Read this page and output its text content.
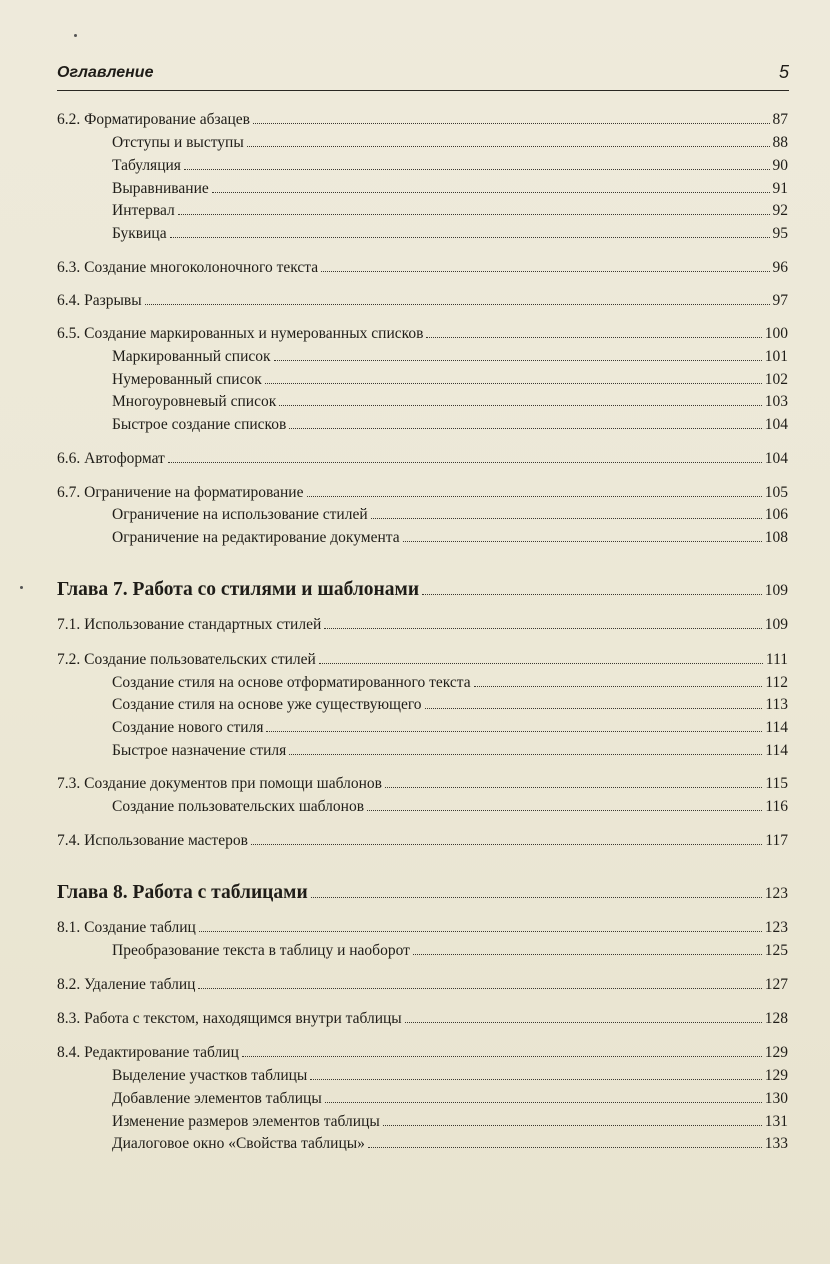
Оглавление	5
6.2. Форматирование абзацев	87
Отступы и выступы	88
Табуляция	90
Выравнивание	91
Интервал	92
Буквица	95
6.3. Создание многоколоночного текста	96
6.4. Разрывы	97
6.5. Создание маркированных и нумерованных списков	100
Маркированный список	101
Нумерованный список	102
Многоуровневый список	103
Быстрое создание списков	104
6.6. Автоформат	104
6.7. Ограничение на форматирование	105
Ограничение на использование стилей	106
Ограничение на редактирование документа	108
Глава 7. Работа со стилями и шаблонами	109
7.1. Использование стандартных стилей	109
7.2. Создание пользовательских стилей	111
Создание стиля на основе отформатированного текста	112
Создание стиля на основе уже существующего	113
Создание нового стиля	114
Быстрое назначение стиля	114
7.3. Создание документов при помощи шаблонов	115
Создание пользовательских шаблонов	116
7.4. Использование мастеров	117
Глава 8. Работа с таблицами	123
8.1. Создание таблиц	123
Преобразование текста в таблицу и наоборот	125
8.2. Удаление таблиц	127
8.3. Работа с текстом, находящимся внутри таблицы	128
8.4. Редактирование таблиц	129
Выделение участков таблицы	129
Добавление элементов таблицы	130
Изменение размеров элементов таблицы	131
Диалоговое окно «Свойства таблицы»	133
